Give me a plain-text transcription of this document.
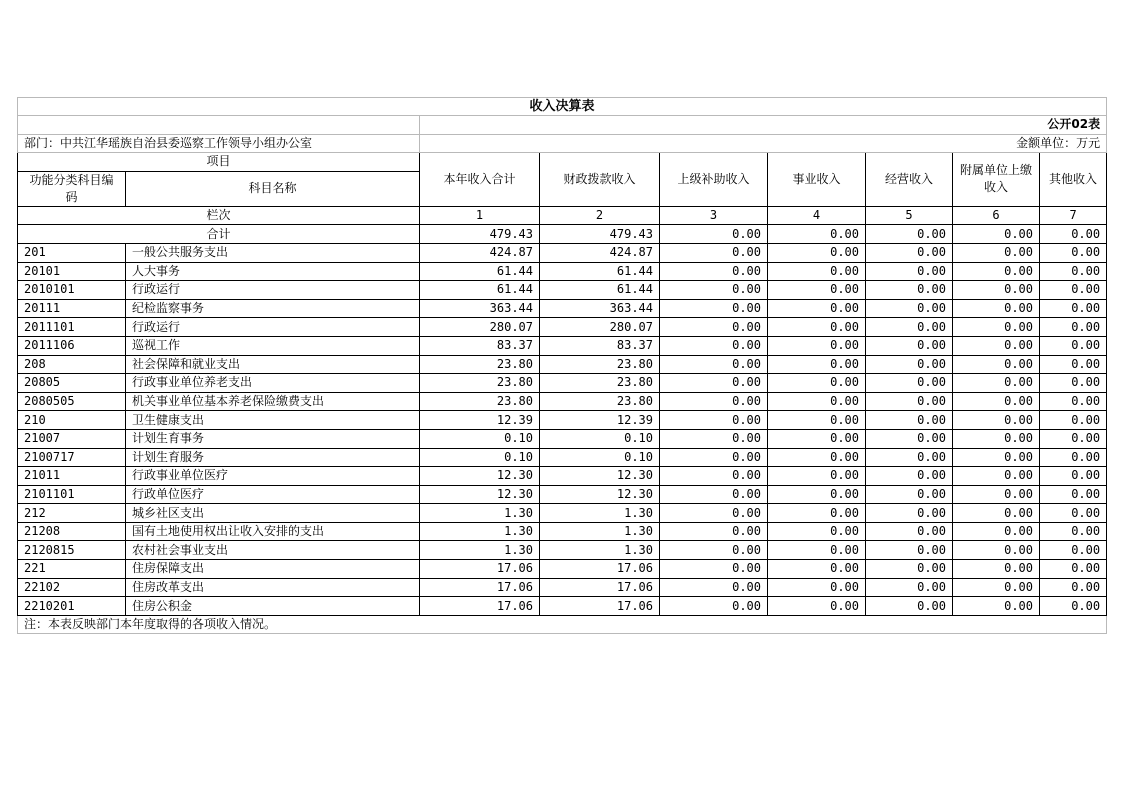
收入决算表								
		公开02表						
部门：中共江华瑶族自治县委巡察工作领导小组办公室		金额单位：万元						
项目		本年收入合计	财政拨款收入	上级补助收入	事业收入	经营收入	附属单位上缴收入	其他收入
功能分类科目编码	科目名称							
栏次		1	2	3	4	5	6	7
合计		479.43	479.43	0.00	0.00	0.00	0.00	0.00
201	一般公共服务支出	424.87	424.87	0.00	0.00	0.00	0.00	0.00
20101	人大事务	61.44	61.44	0.00	0.00	0.00	0.00	0.00
2010101	行政运行	61.44	61.44	0.00	0.00	0.00	0.00	0.00
20111	纪检监察事务	363.44	363.44	0.00	0.00	0.00	0.00	0.00
2011101	行政运行	280.07	280.07	0.00	0.00	0.00	0.00	0.00
2011106	巡视工作	83.37	83.37	0.00	0.00	0.00	0.00	0.00
208	社会保障和就业支出	23.80	23.80	0.00	0.00	0.00	0.00	0.00
20805	行政事业单位养老支出	23.80	23.80	0.00	0.00	0.00	0.00	0.00
2080505	机关事业单位基本养老保险缴费支出	23.80	23.80	0.00	0.00	0.00	0.00	0.00
210	卫生健康支出	12.39	12.39	0.00	0.00	0.00	0.00	0.00
21007	计划生育事务	0.10	0.10	0.00	0.00	0.00	0.00	0.00
2100717	计划生育服务	0.10	0.10	0.00	0.00	0.00	0.00	0.00
21011	行政事业单位医疗	12.30	12.30	0.00	0.00	0.00	0.00	0.00
2101101	行政单位医疗	12.30	12.30	0.00	0.00	0.00	0.00	0.00
212	城乡社区支出	1.30	1.30	0.00	0.00	0.00	0.00	0.00
21208	国有土地使用权出让收入安排的支出	1.30	1.30	0.00	0.00	0.00	0.00	0.00
2120815	农村社会事业支出	1.30	1.30	0.00	0.00	0.00	0.00	0.00
221	住房保障支出	17.06	17.06	0.00	0.00	0.00	0.00	0.00
22102	住房改革支出	17.06	17.06	0.00	0.00	0.00	0.00	0.00
2210201	住房公积金	17.06	17.06	0.00	0.00	0.00	0.00	0.00
注：本表反映部门本年度取得的各项收入情况。								
